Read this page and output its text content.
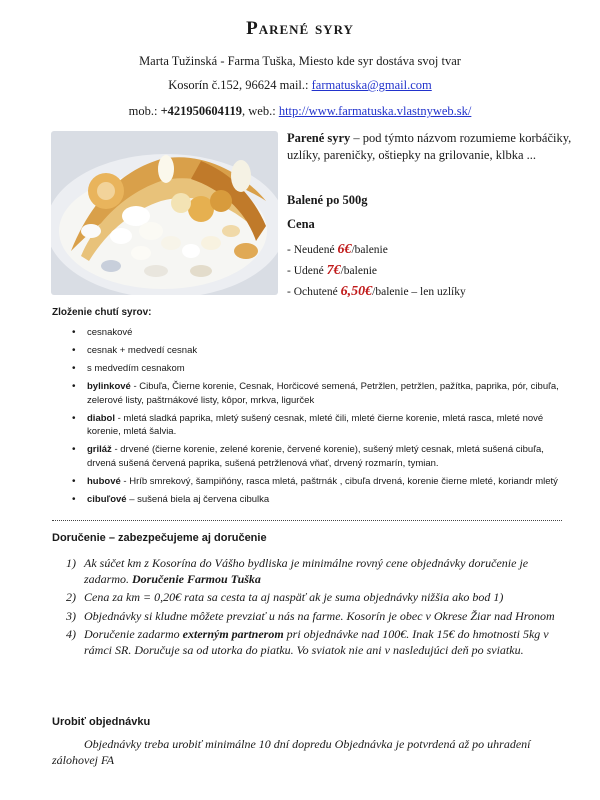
Parené syry
Marta Tužinská - Farma Tuška, Miesto kde syr dostáva svoj tvar
Kosorín č.152, 96624 mail.: farmatuska@gmail.com
mob.: +421950604119, web.: http://www.farmatuska.vlastnyweb.sk/
Parené syry – pod týmto názvom rozumieme korbáčiky, uzlíky, pareničky, oštiepky na grilovanie, klbka ...
Balené po 500g
Cena
- Neudené 6€/balenie
- Udené 7€/balenie
- Ochutené 6,50€/balenie – len uzlíky
Zloženie chutí syrov:
• cesnakové
• cesnak + medvedí cesnak
• s medvedím cesnakom
• bylinkové - Cibuľa, Čierne korenie, Cesnak, Horčicové semená, Petržlen, petržlen, pažítka, paprika, pór, cibuľa, zelerové listy, paštrnákové listy, kôpor, mrkva, ligurček
• diabol - mletá sladká paprika, mletý sušený cesnak, mleté čili, mleté čierne korenie, mletá rasca, mleté nové korenie, mletá šalvia.
• griláž - drvené (čierne korenie, zelené korenie, červené korenie), sušený mletý cesnak, mletá sušená cibuľa, drvená sušená červená paprika, sušená petržlenová vňať, drvený rozmarín, tymian.
• hubové - Hríb smrekový, šampiňóny, rasca mletá, paštrnák , cibuľa drvená, korenie čierne mleté, koriandr mletý
• cibuľové – sušená biela aj červena cibulka
Doručenie – zabezpečujeme aj doručenie
1) Ak súčet km z Kosorína do Vášho bydliska je minimálne rovný cene objednávky doručenie je zadarmo. Doručenie Farmou Tuška
2) Cena za km = 0,20€ rata sa cesta ta aj naspäť ak je suma objednávky nižšia ako bod 1)
3) Objednávky si kludne môžete prevziať u nás na farme. Kosorín je obec v Okrese Žiar nad Hronom
4) Doručenie zadarmo externým partnerom pri objednávke nad 100€. Inak 15€ do hmotnosti 5kg v rámci SR. Doručuje sa od utorka do piatku. Vo sviatok nie ani v nasledujúci deň po sviatku.
Urobiť objednávku
Objednávky treba urobiť minimálne 10 dní dopredu Objednávka je potvrdená až po uhradení zálohovej FA
